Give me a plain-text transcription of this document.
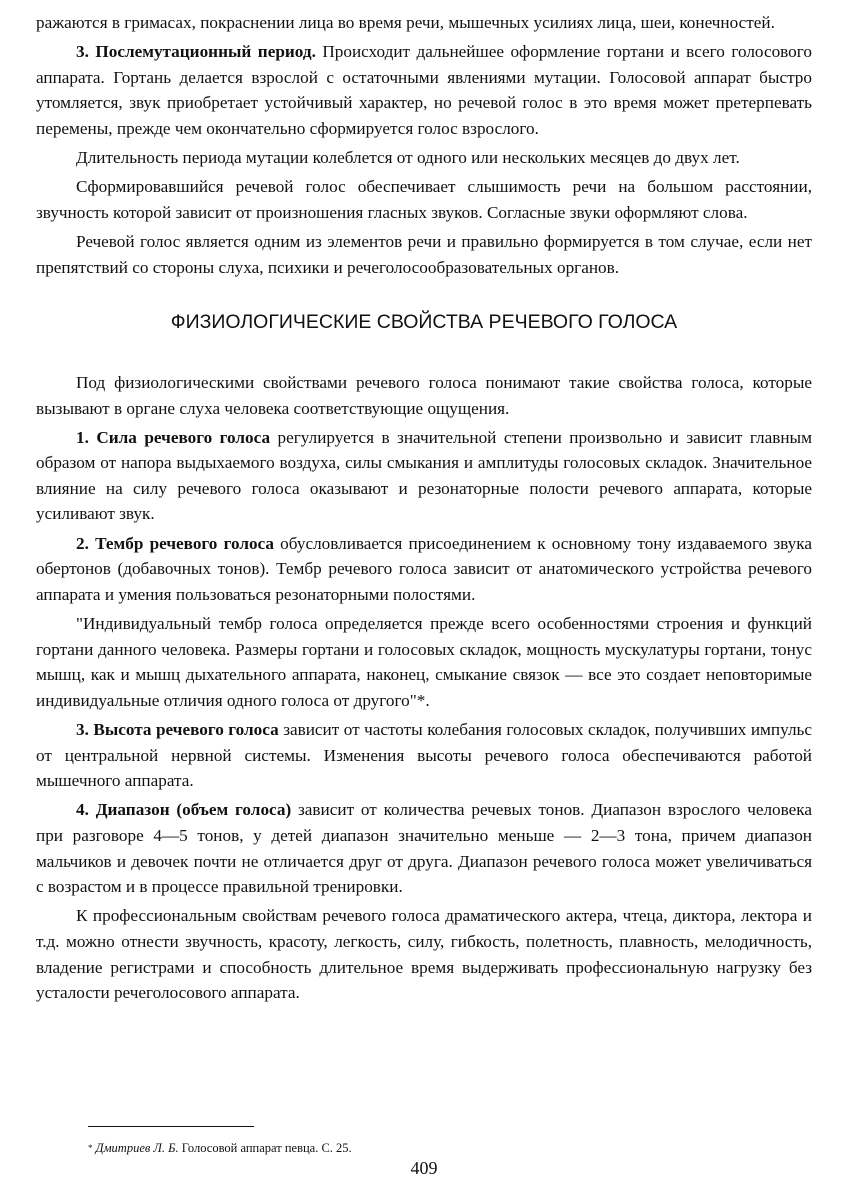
ражаются в гримасах, покраснении лица во время речи, мышечных усилиях лица, шеи, конечностей.

3. Послемутационный период. Происходит дальнейшее оформление гортани и всего голосового аппарата. Гортань делается взрослой с остаточными явлениями мутации. Голосовой аппарат быстро утомляется, звук приобретает устойчивый характер, но речевой голос в это время может претерпевать перемены, прежде чем окончательно сформируется голос взрослого.

Длительность периода мутации колеблется от одного или нескольких месяцев до двух лет.

Сформировавшийся речевой голос обеспечивает слышимость речи на большом расстоянии, звучность которой зависит от произношения гласных звуков. Согласные звуки оформляют слова.

Речевой голос является одним из элементов речи и правильно формируется в том случае, если нет препятствий со стороны слуха, психики и речеголосообразовательных органов.

ФИЗИОЛОГИЧЕСКИЕ СВОЙСТВА РЕЧЕВОГО ГОЛОСА

Под физиологическими свойствами речевого голоса понимают такие свойства голоса, которые вызывают в органе слуха человека соответствующие ощущения.

1. Сила речевого голоса регулируется в значительной степени произвольно и зависит главным образом от напора выдыхаемого воздуха, силы смыкания и амплитуды голосовых складок. Значительное влияние на силу речевого голоса оказывают и резонаторные полости речевого аппарата, которые усиливают звук.

2. Тембр речевого голоса обусловливается присоединением к основному тону издаваемого звука обертонов (добавочных тонов). Тембр речевого голоса зависит от анатомического устройства речевого аппарата и умения пользоваться резонаторными полостями.

"Индивидуальный тембр голоса определяется прежде всего особенностями строения и функций гортани данного человека. Размеры гортани и голосовых складок, мощность мускулатуры гортани, тонус мышц, как и мышц дыхательного аппарата, наконец, смыкание связок — все это создает неповторимые индивидуальные отличия одного голоса от другого"*.

3. Высота речевого голоса зависит от частоты колебания голосовых складок, получивших импульс от центральной нервной системы. Изменения высоты речевого голоса обеспечиваются работой мышечного аппарата.

4. Диапазон (объем голоса) зависит от количества речевых тонов. Диапазон взрослого человека при разговоре 4—5 тонов, у детей диапазон значительно меньше — 2—3 тона, причем диапазон мальчиков и девочек почти не отличается друг от друга. Диапазон речевого голоса может увеличиваться с возрастом и в процессе правильной тренировки.

К профессиональным свойствам речевого голоса драматического актера, чтеца, диктора, лектора и т.д. можно отнести звучность, красоту, легкость, силу, гибкость, полетность, плавность, мелодичность, владение регистрами и способность длительное время выдерживать профессиональную нагрузку без усталости речеголосового аппарата.

* Дмитриев Л. Б. Голосовой аппарат певца. С. 25.
409
